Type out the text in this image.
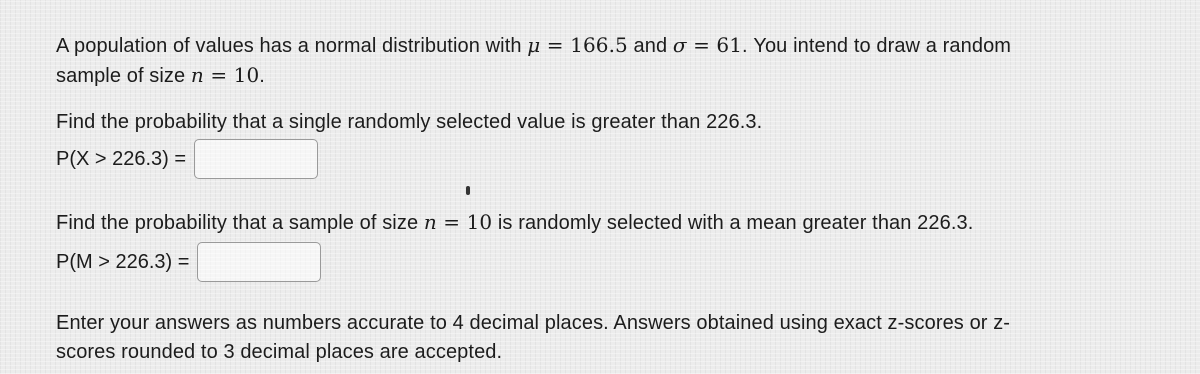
A population of values has a normal distribution with μ = 166.5 and σ = 61. You intend to draw a random
sample of size n = 10.
Find the probability that a single randomly selected value is greater than 226.3.
P(X > 226.3) =
Find the probability that a sample of size n = 10 is randomly selected with a mean greater than 226.3.
P(M > 226.3) =
Enter your answers as numbers accurate to 4 decimal places. Answers obtained using exact z-scores or z-
scores rounded to 3 decimal places are accepted.
